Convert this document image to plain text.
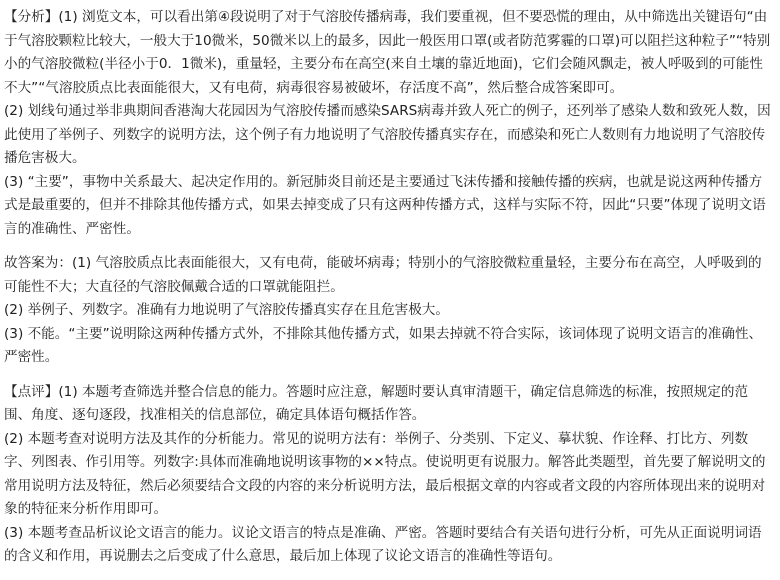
【分析】(1) 浏览文本，可以看出第④段说明了对于气溶胶传播病毒，我们要重视，但不要恐慌的理由，从中筛选出关键语句“由于气溶胶颗粒比较大，一般大于10微米，50微米以上的最多，因此一般医用口罩(或者防范雾霾的口罩)可以阻拦这种粒子”“特别小的气溶胶微粒(半径小于0．1微米)，重量轻，主要分布在高空(来自土壤的靠近地面)，它们会随风飘走，被人呼吸到的可能性不大”“气溶胶质点比表面能很大，又有电荷，病毒很容易被破坏，存活度不高”，然后整合成答案即可。

(2) 划线句通过举非典期间香港淘大花园因为气溶胶传播而感染SARS病毒并致人死亡的例子，还列举了感染人数和致死人数，因此使用了举例子、列数字的说明方法，这个例子有力地说明了气溶胶传播真实存在，而感染和死亡人数则有力地说明了气溶胶传播危害极大。

(3) “主要”，事物中关系最大、起决定作用的。新冠肺炎目前还是主要通过飞沫传播和接触传播的疾病，也就是说这两种传播方式是最重要的，但并不排除其他传播方式，如果去掉变成了只有这两种传播方式，这样与实际不符，因此“只要”体现了说明文语言的准确性、严密性。

故答案为：(1) 气溶胶质点比表面能很大，又有电荷，能破坏病毒；特别小的气溶胶微粒重量轻，主要分布在高空，人呼吸到的可能性不大；大直径的气溶胶佩戴合适的口罩就能阻拦。

(2) 举例子、列数字。准确有力地说明了气溶胶传播真实存在且危害极大。

(3) 不能。“主要”说明除这两种传播方式外，不排除其他传播方式，如果去掉就不符合实际，该词体现了说明文语言的准确性、严密性。

【点评】(1) 本题考查筛选并整合信息的能力。答题时应注意，解题时要认真审清题干，确定信息筛选的标准，按照规定的范围、角度、逐句逐段，找准相关的信息部位，确定具体语句概括作答。

(2) 本题考查对说明方法及其作的分析能力。常见的说明方法有：举例子、分类别、下定义、摹状貌、作诠释、打比方、列数字、列图表、作引用等。列数字:具体而准确地说明该事物的××特点。使说明更有说服力。解答此类题型，首先要了解说明文的常用说明方法及特征，然后必须要结合文段的内容的来分析说明方法，最后根据文章的内容或者文段的内容所体现出来的说明对象的特征来分析作用即可。

(3) 本题考查品析议论文语言的能力。议论文语言的特点是准确、严密。答题时要结合有关语句进行分析，可先从正面说明词语的含义和作用，再说删去之后变成了什么意思，最后加上体现了议论文语言的准确性等语句。
